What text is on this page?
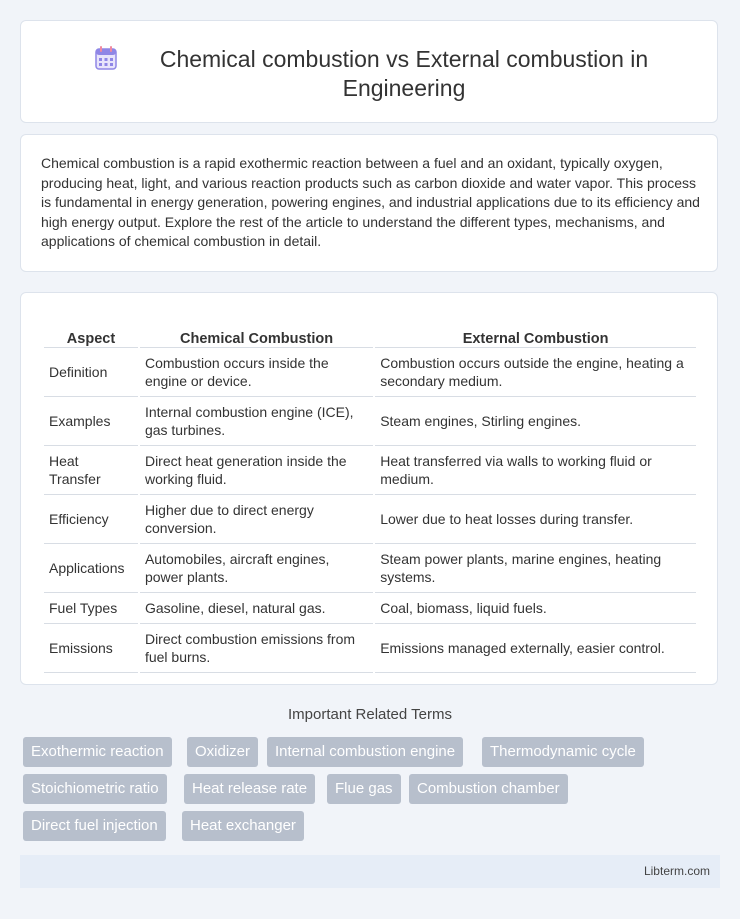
Chemical combustion vs External combustion in Engineering
Chemical combustion is a rapid exothermic reaction between a fuel and an oxidant, typically oxygen, producing heat, light, and various reaction products such as carbon dioxide and water vapor. This process is fundamental in energy generation, powering engines, and industrial applications due to its efficiency and high energy output. Explore the rest of the article to understand the different types, mechanisms, and applications of chemical combustion in detail.
Aspect	Chemical Combustion	External Combustion
Definition	Combustion occurs inside the engine or device.	Combustion occurs outside the engine, heating a secondary medium.
Examples	Internal combustion engine (ICE), gas turbines.	Steam engines, Stirling engines.
Heat Transfer	Direct heat generation inside the working fluid.	Heat transferred via walls to working fluid or medium.
Efficiency	Higher due to direct energy conversion.	Lower due to heat losses during transfer.
Applications	Automobiles, aircraft engines, power plants.	Steam power plants, marine engines, heating systems.
Fuel Types	Gasoline, diesel, natural gas.	Coal, biomass, liquid fuels.
Emissions	Direct combustion emissions from fuel burns.	Emissions managed externally, easier control.
Important Related Terms
Exothermic reaction	Oxidizer	Internal combustion engine	Thermodynamic cycle
Stoichiometric ratio	Heat release rate	Flue gas	Combustion chamber
Direct fuel injection	Heat exchanger
Libterm.com
